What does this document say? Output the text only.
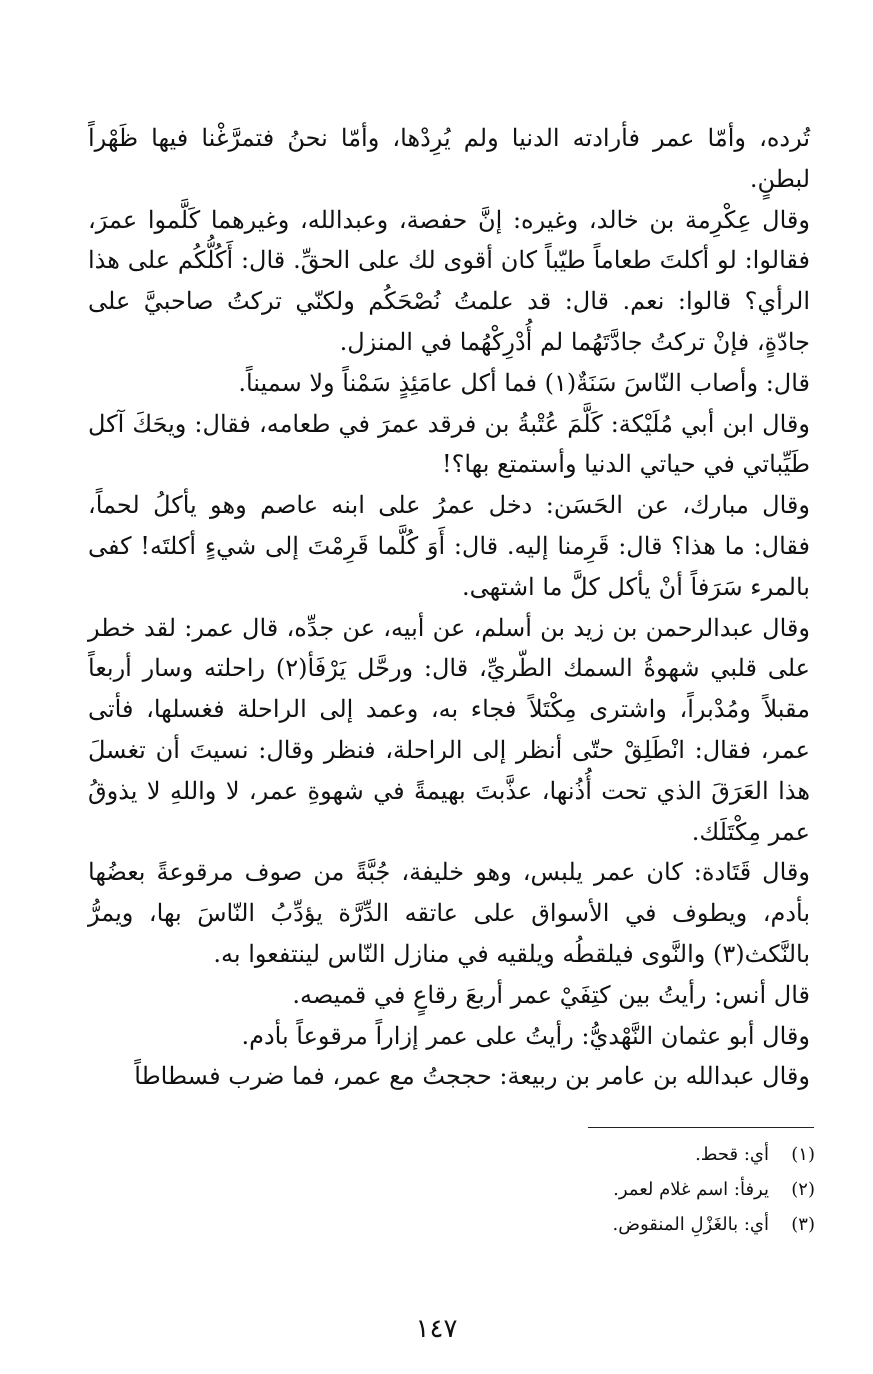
تُرده، وأمّا عمر فأرادته الدنيا ولم يُرِدْها، وأمّا نحنُ فتمرَّغْنا فيها ظَهْراً لبطنٍ.

وقال عِكْرِمة بن خالد، وغيره: إنَّ حفصة، وعبدالله، وغيرهما كَلَّموا عمرَ، فقالوا: لو أكلتَ طعاماً طيّباً كان أقوى لك على الحقِّ. قال: أَكُلُّكُم على هذا الرأي؟ قالوا: نعم. قال: قد علمتُ نُصْحَكُم ولكنّي تركتُ صاحبيَّ على جادّةٍ، فإنْ تركتُ جادَّتَهُما لم أُدْرِكْهُما في المنزل.

قال: وأصاب النّاسَ سَنَةٌ(١) فما أكل عامَئِذٍ سَمْناً ولا سميناً.

وقال ابن أبي مُلَيْكة: كَلَّمَ عُتْبةُ بن فرقد عمرَ في طعامه، فقال: ويحَكَ آكل طَيِّباتي في حياتي الدنيا وأستمتع بها؟!

وقال مبارك، عن الحَسَن: دخل عمرُ على ابنه عاصم وهو يأكلُ لحماً، فقال: ما هذا؟ قال: قَرِمنا إليه. قال: أَوَ كُلَّما قَرِمْتَ إلى شيءٍ أكلتَه! كفى بالمرء سَرَفاً أنْ يأكل كلَّ ما اشتهى.

وقال عبدالرحمن بن زيد بن أسلم، عن أبيه، عن جدِّه، قال عمر: لقد خطر على قلبي شهوةُ السمك الطّريِّ، قال: ورحَّل يَرْفَأ(٢) راحلته وسار أربعاً مقبلاً ومُدْبراً، واشترى مِكْتَلاً فجاء به، وعمد إلى الراحلة فغسلها، فأتى عمر، فقال: انْطَلِقْ حتّى أنظر إلى الراحلة، فنظر وقال: نسيتَ أن تغسلَ هذا العَرَقَ الذي تحت أُذُنها، عذَّبتَ بهيمةً في شهوةِ عمر، لا واللهِ لا يذوقُ عمر مِكْتَلَك.

وقال قَتَادة: كان عمر يلبس، وهو خليفة، جُبَّةً من صوف مرقوعةً بعضُها بأدم، ويطوف في الأسواق على عاتقه الدِّرَّة يؤدِّبُ النّاسَ بها، ويمرُّ بالنَّكث(٣) والنَّوى فيلقطُه ويلقيه في منازل النّاس لينتفعوا به.

قال أنس: رأيتُ بين كتِفَيْ عمر أربعَ رقاعٍ في قميصه.

وقال أبو عثمان النَّهْديُّ: رأيتُ على عمر إزاراً مرقوعاً بأدم.

وقال عبدالله بن عامر بن ربيعة: حججتُ مع عمر، فما ضرب فسطاطاً

(١)أي: قحط.
(٢)يرفأ: اسم غلام لعمر.
(٣)أي: بالغَزْلِ المنقوض.
١٤٧
